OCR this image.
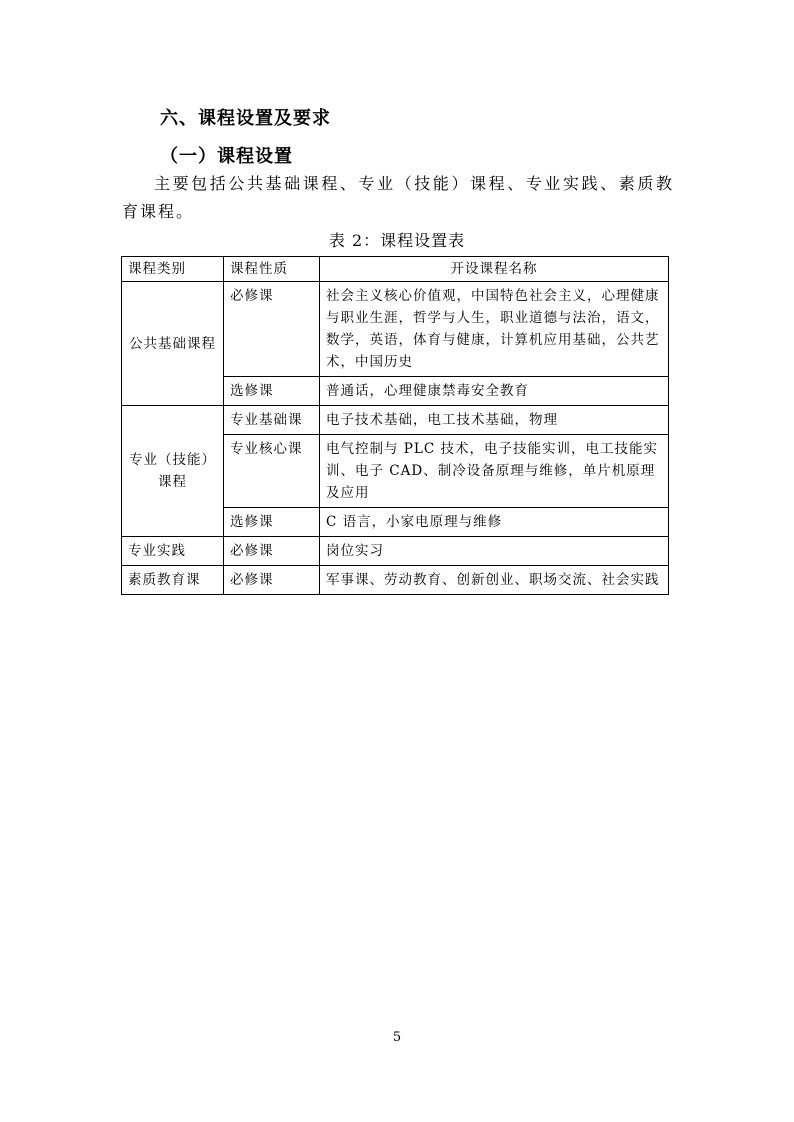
六、课程设置及要求
（一）课程设置

主要包括公共基础课程、专业（技能）课程、专业实践、素质教育课程。

表 2：课程设置表
课程类别	课程性质	开设课程名称
公共基础课程	必修课	社会主义核心价值观，中国特色社会主义，心理健康与职业生涯，哲学与人生，职业道德与法治，语文，数学，英语，体育与健康，计算机应用基础，公共艺术，中国历史
	选修课	普通话，心理健康禁毒安全教育
专业（技能）课程	专业基础课	电子技术基础，电工技术基础，物理
	专业核心课	电气控制与 PLC 技术，电子技能实训，电工技能实训、电子 CAD、制冷设备原理与维修，单片机原理及应用
	选修课	C 语言，小家电原理与维修
专业实践	必修课	岗位实习
素质教育课	必修课	军事课、劳动教育、创新创业、职场交流、社会实践
5
